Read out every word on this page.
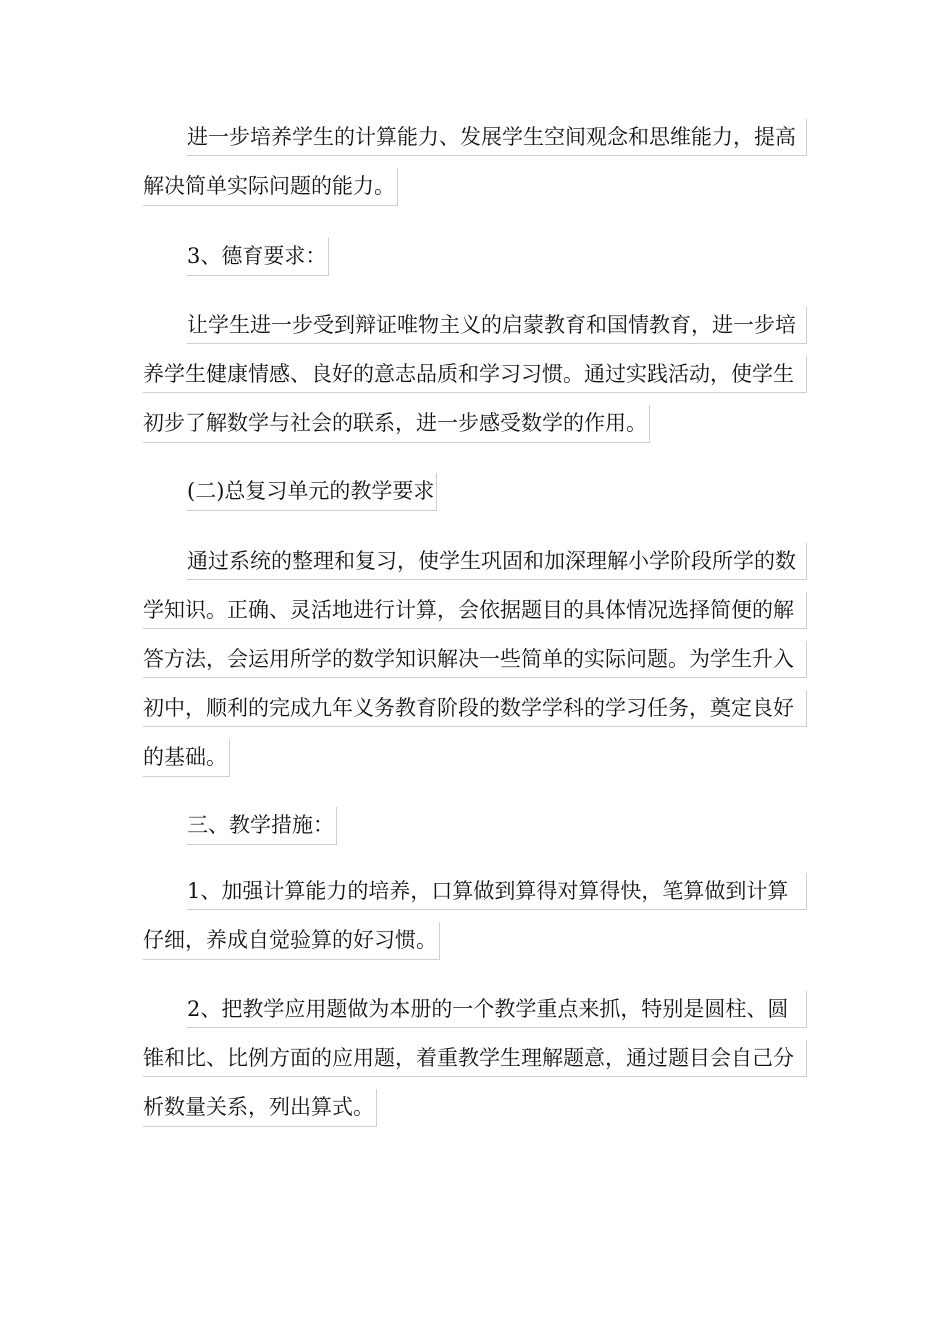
进一步培养学生的计算能力、发展学生空间观念和思维能力，提高
解决简单实际问题的能力。
3、德育要求：
让学生进一步受到辩证唯物主义的启蒙教育和国情教育，进一步培
养学生健康情感、良好的意志品质和学习习惯。通过实践活动，使学生
初步了解数学与社会的联系，进一步感受数学的作用。
(二)总复习单元的教学要求
通过系统的整理和复习，使学生巩固和加深理解小学阶段所学的数
学知识。正确、灵活地进行计算，会依据题目的具体情况选择简便的解
答方法，会运用所学的数学知识解决一些简单的实际问题。为学生升入
初中，顺利的完成九年义务教育阶段的数学学科的学习任务，奠定良好
的基础。
三、教学措施：
1、加强计算能力的培养，口算做到算得对算得快，笔算做到计算
仔细，养成自觉验算的好习惯。
2、把教学应用题做为本册的一个教学重点来抓，特别是圆柱、圆
锥和比、比例方面的应用题，着重教学生理解题意，通过题目会自己分
析数量关系，列出算式。
